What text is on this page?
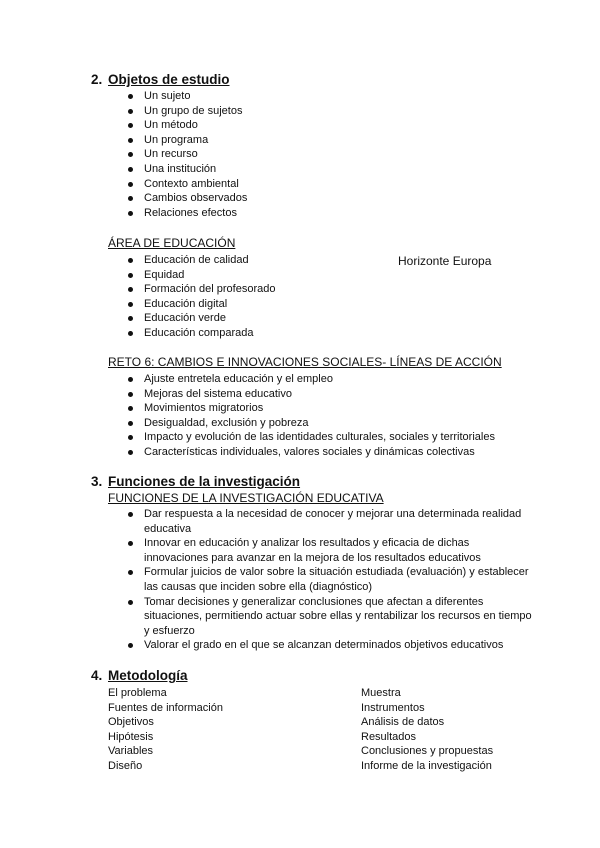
2. Objetos de estudio
Un sujeto
Un grupo de sujetos
Un método
Un programa
Un recurso
Una institución
Contexto ambiental
Cambios observados
Relaciones efectos
ÁREA DE EDUCACIÓN
Educación de calidad
Equidad
Formación del profesorado
Educación digital
Educación verde
Educación comparada
Horizonte Europa
RETO 6: CAMBIOS E INNOVACIONES SOCIALES- LÍNEAS DE ACCIÓN
Ajuste entretela educación y el empleo
Mejoras del sistema educativo
Movimientos migratorios
Desigualdad, exclusión y pobreza
Impacto y evolución de las identidades culturales, sociales y territoriales
Características individuales, valores sociales y dinámicas colectivas
3. Funciones de la investigación
FUNCIONES DE LA INVESTIGACIÓN EDUCATIVA
Dar respuesta a la necesidad de conocer y mejorar una determinada realidad educativa
Innovar en educación y analizar los resultados y eficacia de dichas innovaciones para avanzar en la mejora de los resultados educativos
Formular juicios de valor sobre la situación estudiada (evaluación) y establecer las causas que inciden sobre ella (diagnóstico)
Tomar decisiones y generalizar conclusiones que afectan a diferentes situaciones, permitiendo actuar sobre ellas y rentabilizar los recursos en tiempo y esfuerzo
Valorar el grado en el que se alcanzan determinados objetivos educativos
4. Metodología
El problema
Fuentes de información
Objetivos
Hipótesis
Variables
Diseño
Muestra
Instrumentos
Análisis de datos
Resultados
Conclusiones y propuestas
Informe de la investigación
